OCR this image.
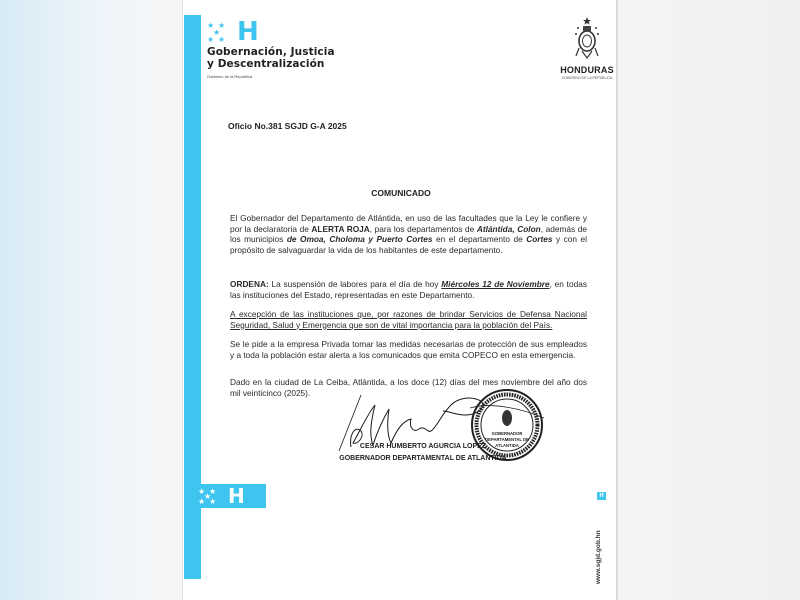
★ ★
★
★ ★ H
Gobernación, Justicia
y Descentralización
Gobierno de la República
HONDURAS
GOBIERNO DE LA REPÚBLICA
Oficio No.381 SGJD G-A 2025
COMUNICADO

El Gobernador del Departamento de Atlántida, en uso de las facultades que la Ley le confiere y por la declaratoria de ALERTA ROJA, para los departamentos de Atlántida, Colon, además de los municipios de Omoa, Choloma y Puerto Cortes en el departamento de Cortes y con el propósito de salvaguardar la vida de los habitantes de este departamento.

ORDENA: La suspensión de labores para el día de hoy Miércoles 12 de Noviembre, en todas las instituciones del Estado, representadas en este Departamento.

A excepción de las instituciones que, por razones de brindar Servicios de Defensa Nacional Seguridad, Salud y Emergencia que son de vital importancia para la población del País.

Se le pide a la empresa Privada tomar las medidas necesarias de protección de sus empleados y a toda la población estar alerta a los comunicados que emita COPECO en esta emergencia.

Dado en la ciudad de La Ceiba, Atlántida, a los doce (12) días del mes noviembre del año dos mil veinticinco (2025).

GOBERNADOR
DEPARTAMENTAL DE
ATLANTIDA
CESAR HUMBERTO AGURCIA LOPEZ
GOBERNADOR DEPARTAMENTAL DE ATLANTIDA
★ ★
★
★ ★ H	H
www.sgjd.gob.hn
